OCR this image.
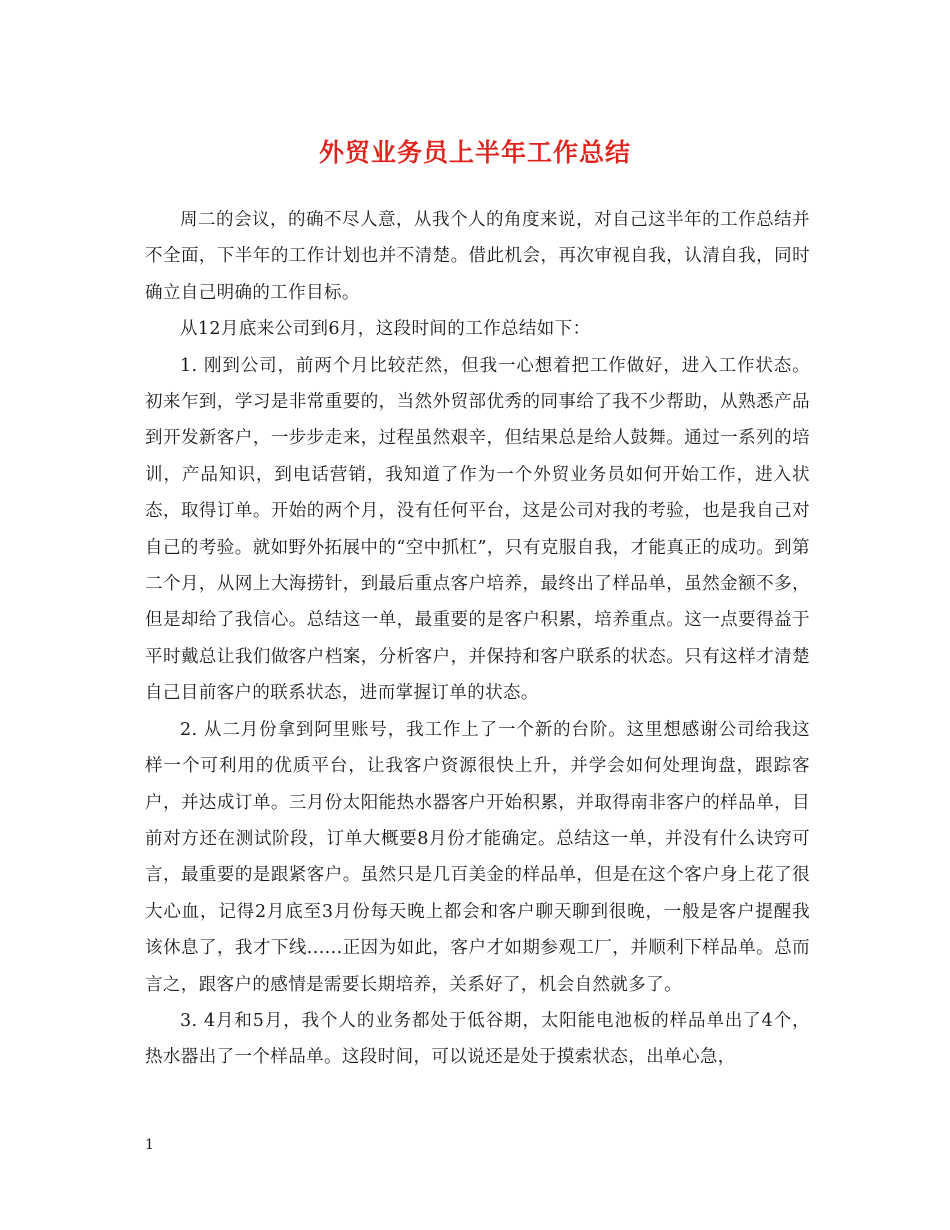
外贸业务员上半年工作总结

周二的会议，的确不尽人意，从我个人的角度来说，对自己这半年的工作总结并不全面，下半年的工作计划也并不清楚。借此机会，再次审视自我，认清自我，同时确立自己明确的工作目标。

从12月底来公司到6月，这段时间的工作总结如下：

1. 刚到公司，前两个月比较茫然，但我一心想着把工作做好，进入工作状态。初来乍到，学习是非常重要的，当然外贸部优秀的同事给了我不少帮助，从熟悉产品到开发新客户，一步步走来，过程虽然艰辛，但结果总是给人鼓舞。通过一系列的培训，产品知识，到电话营销，我知道了作为一个外贸业务员如何开始工作，进入状态，取得订单。开始的两个月，没有任何平台，这是公司对我的考验，也是我自己对自己的考验。就如野外拓展中的“空中抓杠”，只有克服自我，才能真正的成功。到第二个月，从网上大海捞针，到最后重点客户培养，最终出了样品单，虽然金额不多，但是却给了我信心。总结这一单，最重要的是客户积累，培养重点。这一点要得益于平时戴总让我们做客户档案，分析客户，并保持和客户联系的状态。只有这样才清楚自己目前客户的联系状态，进而掌握订单的状态。

2. 从二月份拿到阿里账号，我工作上了一个新的台阶。这里想感谢公司给我这样一个可利用的优质平台，让我客户资源很快上升，并学会如何处理询盘，跟踪客户，并达成订单。三月份太阳能热水器客户开始积累，并取得南非客户的样品单，目前对方还在测试阶段，订单大概要8月份才能确定。总结这一单，并没有什么诀窍可言，最重要的是跟紧客户。虽然只是几百美金的样品单，但是在这个客户身上花了很大心血，记得2月底至3月份每天晚上都会和客户聊天聊到很晚，一般是客户提醒我该休息了，我才下线......正因为如此，客户才如期参观工厂，并顺利下样品单。总而言之，跟客户的感情是需要长期培养，关系好了，机会自然就多了。

3. 4月和5月，我个人的业务都处于低谷期，太阳能电池板的样品单出了4个，热水器出了一个样品单。这段时间，可以说还是处于摸索状态，出单心急，

1
